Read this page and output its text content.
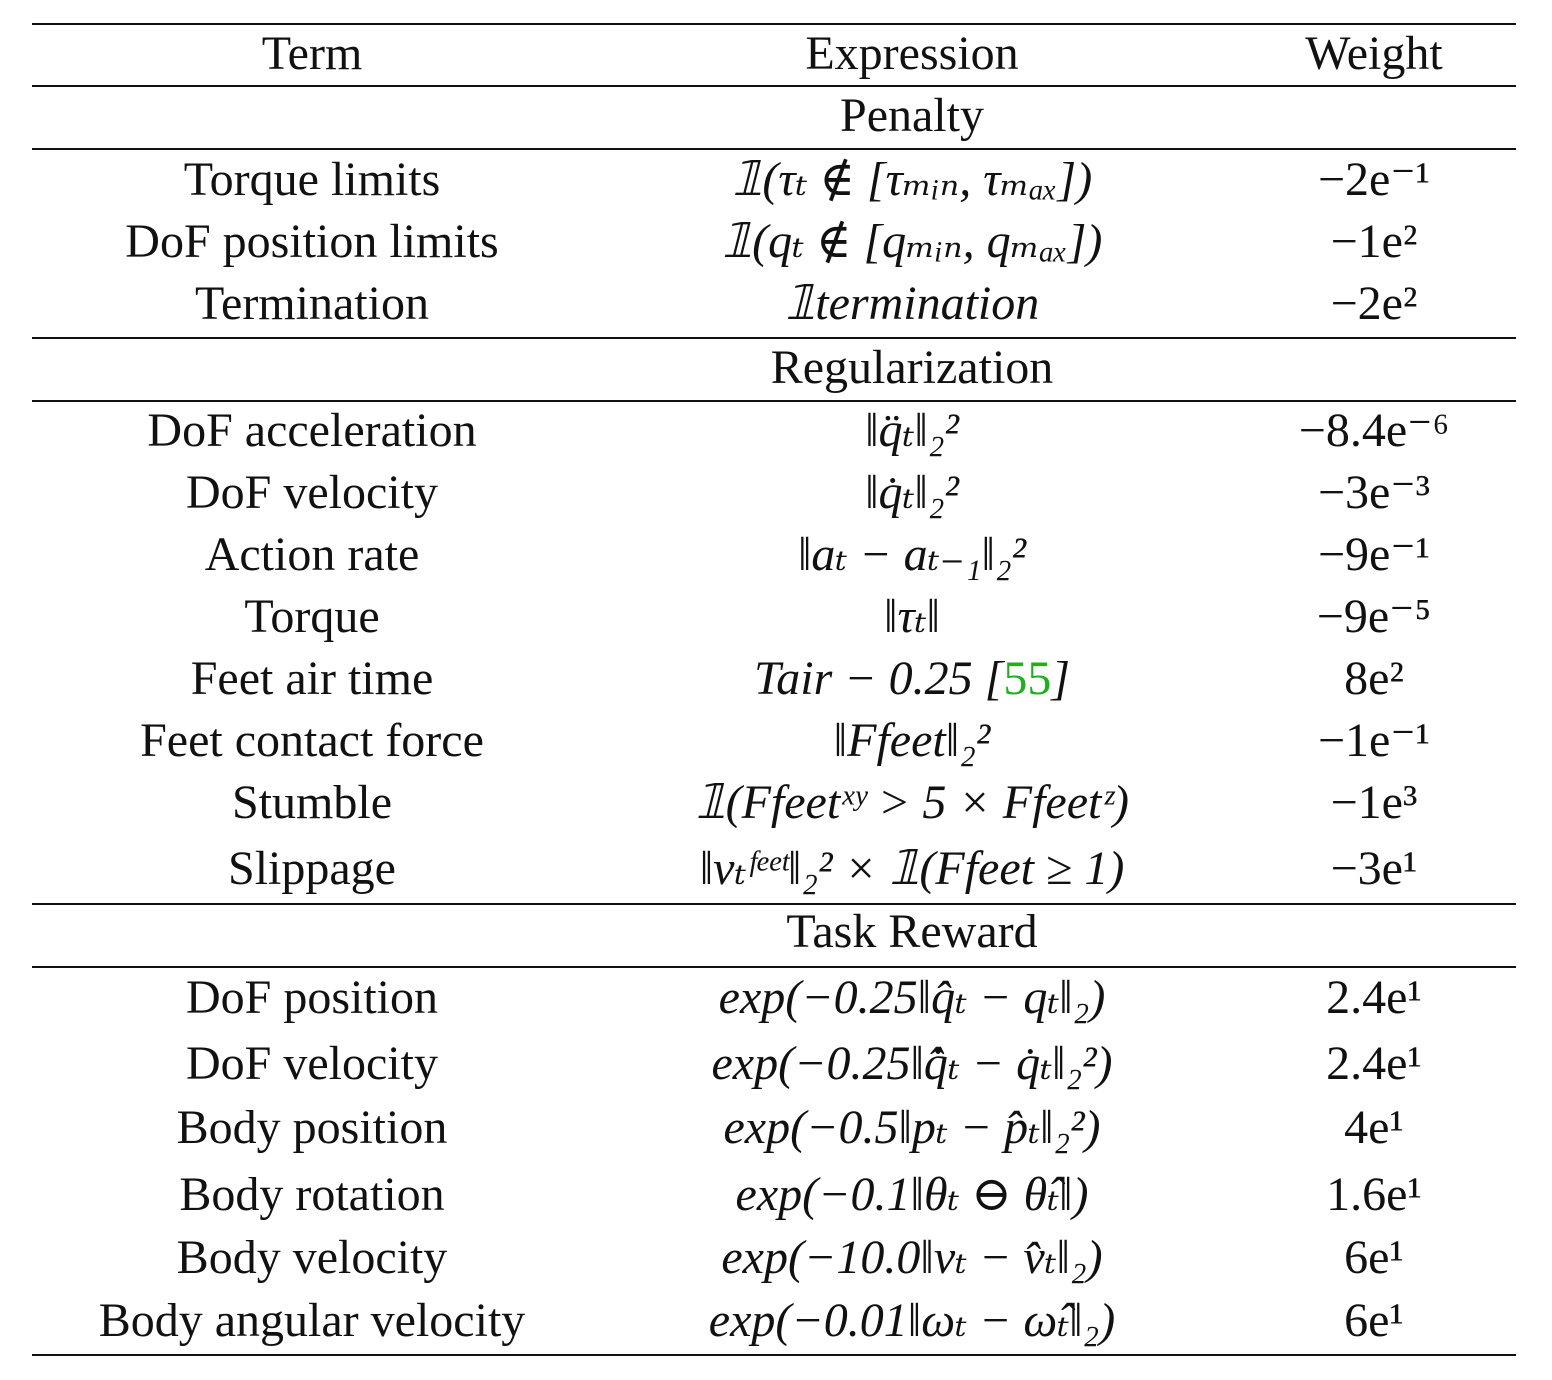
Term	Expression	Weight
Penalty
Torque limits	𝟙(τₜ ∉ [τₘᵢₙ, τₘₐₓ])	−2e⁻¹
DoF position limits	𝟙(qₜ ∉ [qₘᵢₙ, qₘₐₓ])	−1e²
Termination	𝟙termination	−2e²
Regularization
DoF acceleration	‖q̈ₜ‖₂²	−8.4e⁻⁶
DoF velocity	‖q̇ₜ‖₂²	−3e⁻³
Action rate	‖aₜ − aₜ₋₁‖₂²	−9e⁻¹
Torque	‖τₜ‖	−9e⁻⁵
Feet air time	Tair − 0.25 [55]	8e²
Feet contact force	‖Ffeet‖₂²	−1e⁻¹
Stumble	𝟙(Ffeetˣʸ > 5 × Ffeetᶻ)	−1e³
Slippage	‖vₜᶠᵉᵉᵗ‖₂² × 𝟙(Ffeet ≥ 1)	−3e¹
Task Reward
DoF position	exp(−0.25‖q̂ₜ − qₜ‖₂)	2.4e¹
DoF velocity	exp(−0.25‖q̂̇ₜ − q̇ₜ‖₂²)	2.4e¹
Body position	exp(−0.5‖pₜ − p̂ₜ‖₂²)	4e¹
Body rotation	exp(−0.1‖θₜ ⊖ θ̂ₜ‖)	1.6e¹
Body velocity	exp(−10.0‖vₜ − v̂ₜ‖₂)	6e¹
Body angular velocity	exp(−0.01‖ωₜ − ω̂ₜ‖₂)	6e¹
